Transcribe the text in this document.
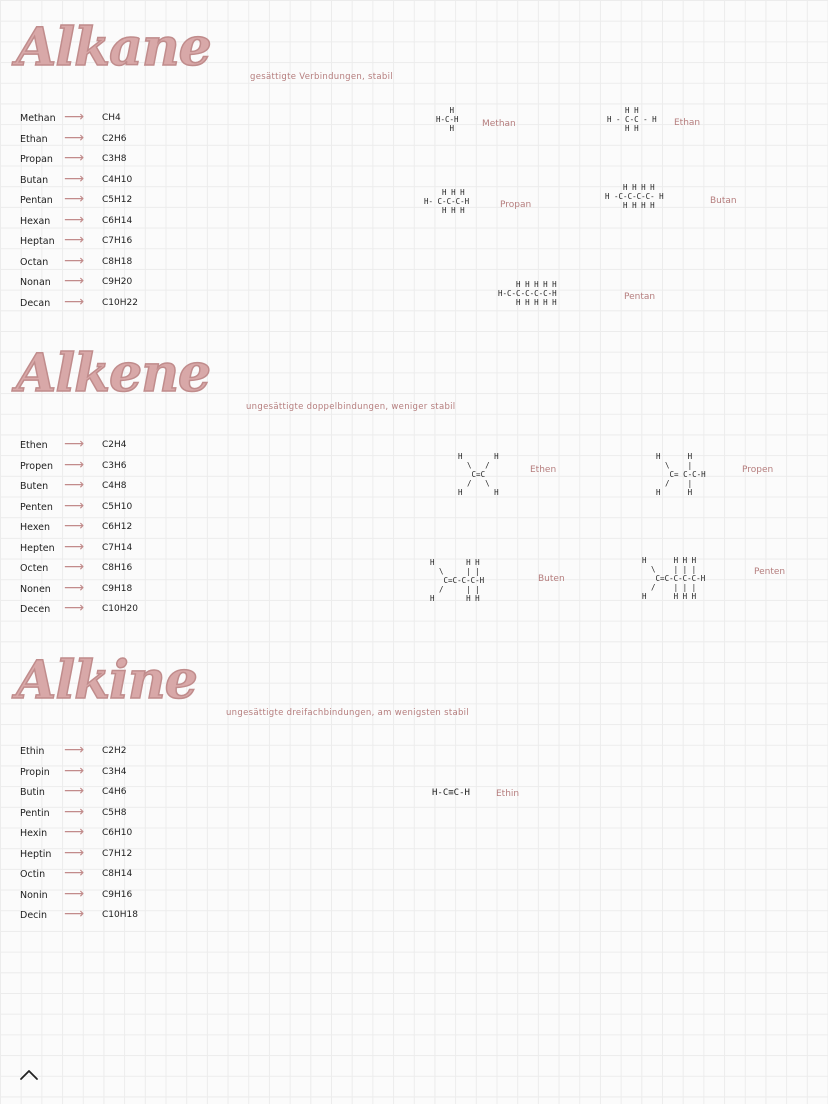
Alkane	gesättigte Verbindungen, stabil
Methan ⟶ CH4
Ethan ⟶ C2H6
Propan ⟶ C3H8
Butan ⟶ C4H10
Pentan ⟶ C5H12
Hexan ⟶ C6H14
Heptan ⟶ C7H16
Octan ⟶ C8H18
Nonan ⟶ C9H20
Decan ⟶ C10H22
H
H-C-H
H	Methan
H H
H - C-C - H
H H
Ethan
H H H
H- C-C-C-H
H H H
Propan
H H H H
H -C-C-C-C- H
H H H H	Butan
H H H H H
H-C-C-C-C-C-H
H H H H H
Pentan
Alkene
ungesättigte doppelbindungen, weniger stabil
Ethen ⟶ C2H4
Propen ⟶ C3H6
Buten ⟶ C4H8
Penten ⟶ C5H10
Hexen ⟶ C6H12
Hepten ⟶ C7H14
Octen ⟶ C8H16
Nonen ⟶ C9H18
Decen ⟶ C10H20
H       H
\   /
C=C
/   \
H       H
Ethen
H      H
\    |
C= C-C-H
/    |
H      H
Propen
H       H H
\     | |
C=C-C-C-H
/     | |
H       H H
Buten
H      H H H
\    | | |
C=C-C-C-C-H
/    | | |
H      H H H
Penten
Alkine
ungesättigte dreifachbindungen, am wenigsten stabil
Ethin ⟶ C2H2
Propin ⟶ C3H4
Butin ⟶ C4H6
Pentin ⟶ C5H8
Hexin ⟶ C6H10
Heptin ⟶ C7H12
Octin ⟶ C8H14
Nonin ⟶ C9H16
Decin ⟶ C10H18
H-C≡C-H	Ethin
